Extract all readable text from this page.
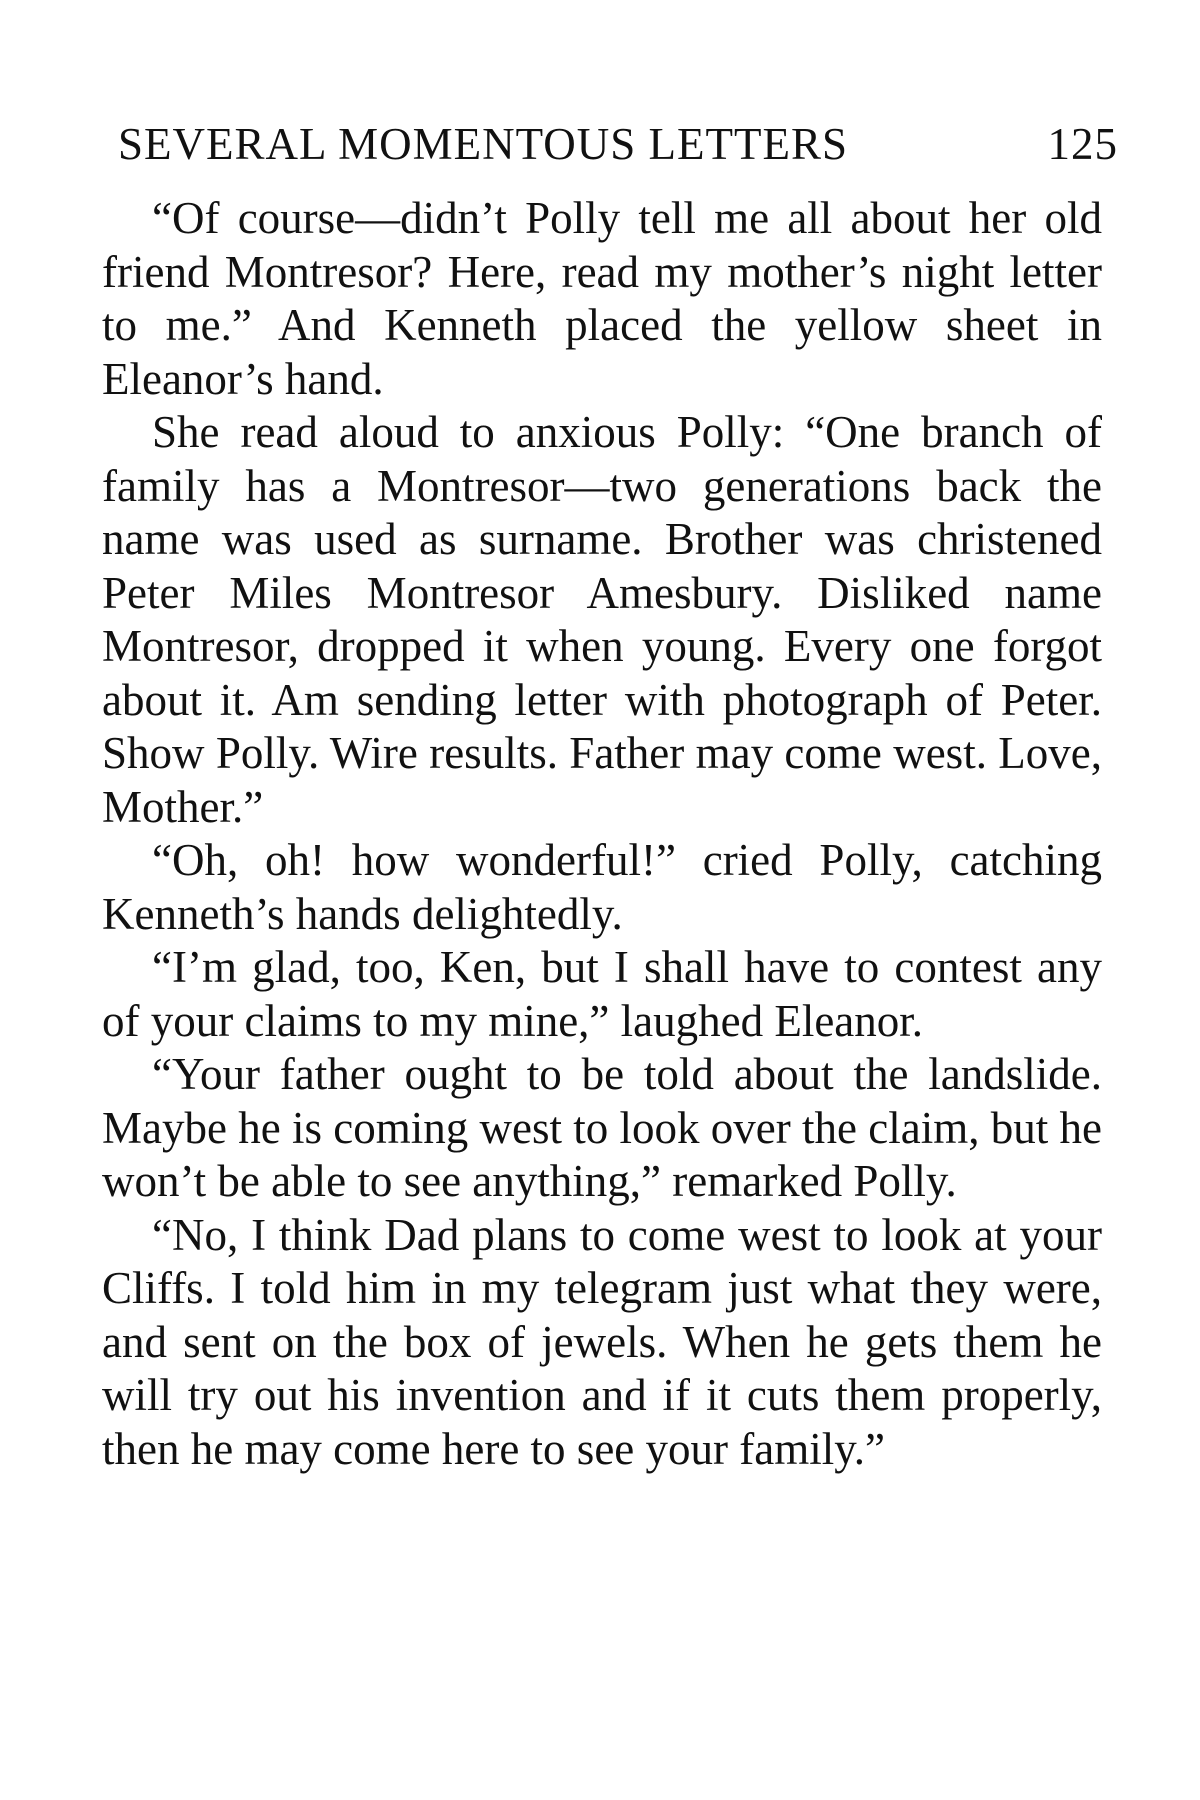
SEVERAL MOMENTOUS LETTERS	125

“Of course—didn’t Polly tell me all about her old friend Montresor? Here, read my mother’s night letter to me.” And Kenneth placed the yellow sheet in Eleanor’s hand.

She read aloud to anxious Polly: “One branch of family has a Montresor—two generations back the name was used as surname. Brother was christened Peter Miles Montresor Amesbury. Disliked name Montresor, dropped it when young. Every one forgot about it. Am sending letter with photograph of Peter. Show Polly. Wire results. Father may come west. Love, Mother.”

“Oh, oh! how wonderful!” cried Polly, catching Kenneth’s hands delightedly.

“I’m glad, too, Ken, but I shall have to contest any of your claims to my mine,” laughed Eleanor.

“Your father ought to be told about the landslide. Maybe he is coming west to look over the claim, but he won’t be able to see anything,” remarked Polly.

“No, I think Dad plans to come west to look at your Cliffs. I told him in my telegram just what they were, and sent on the box of jewels. When he gets them he will try out his invention and if it cuts them properly, then he may come here to see your family.”
